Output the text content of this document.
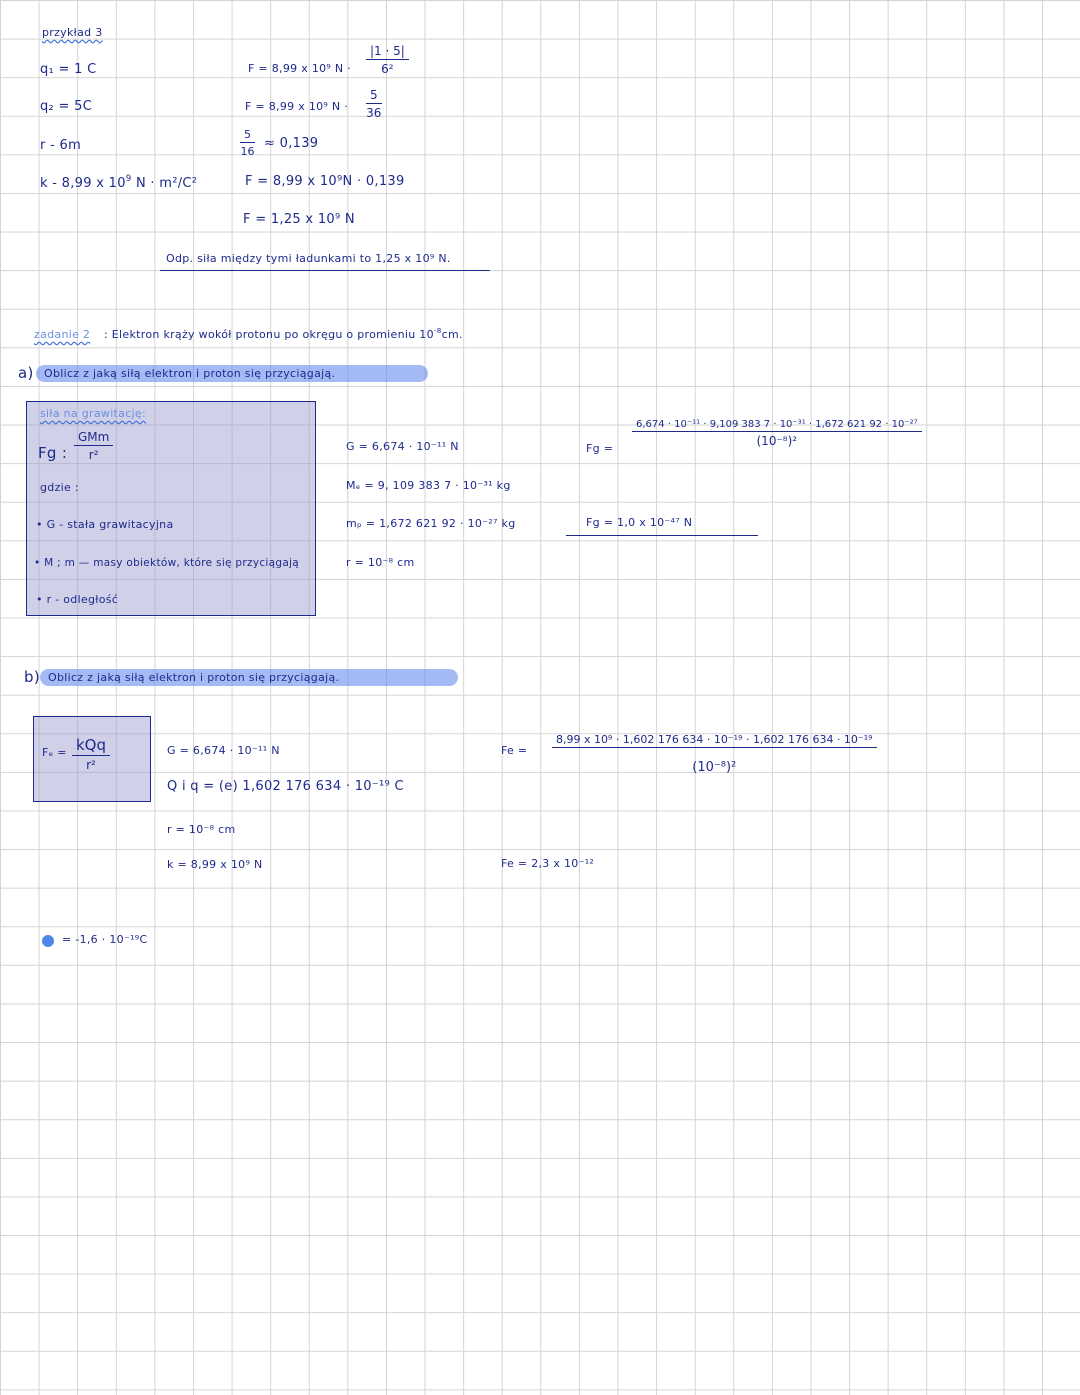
przykład 3
q₁ = 1 C
q₂ = 5C
r - 6m
k - 8,99 x $10^9$ N · m²/C²
F = 8,99 x 10⁹ $N \cdot \frac{|1 \cdot 5|}{\text{6²}}$
F = 8,99 x 10⁹ $N \cdot \frac{5}{36}$
$\frac{5}{16} \approx 0,139$
F = 8,99 x 10⁹N · 0,139
F = 1,25 x 10⁹ N
Odp. siła między tymi ładunkami to 1,25 x 10⁹ N.
zadanie 2 : Elektron krąży wokół protonu po okręgu o promieniu $10^{-8}cm$.
a) Oblicz z jaką siłą elektron i proton się przyciągają.
siła na grawitację:
Fg :
GMm
r²
gdzie :
• G - stała grawitacyjna
• M ; m — masy obiektów, które się przyciągają
• r - odległość
G = 6,674 · 10⁻¹¹ N
Mₑ = 9, 109 383 7 · 10⁻³¹ kg
mₚ = 1,672 621 92 · 10⁻²⁷ kg
r = 10⁻⁸ cm
Fg =
6,674 · 10⁻¹¹ · 9,109 383 7 · 10⁻³¹ · 1,672 621 92 · 10⁻²⁷
(10⁻⁸)²
Fg = 1,0 x 10⁻⁴⁷ N
b) Oblicz z jaką siłą elektron i proton się przyciągają.
Fₑ = kQq
r²
G = 6,674 · 10⁻¹¹ N
Q i q = (e) 1,602 176 634 · 10⁻¹⁹ C
r = 10⁻⁸ cm
k = 8,99 x 10⁹ N
Fe =
8,99 x 10⁹ · 1,602 176 634 · 10⁻¹⁹ · 1,602 176 634 · 10⁻¹⁹
(10⁻⁸)²
Fe = 2,3 x 10⁻¹²
= -1,6 · 10⁻¹⁹C
